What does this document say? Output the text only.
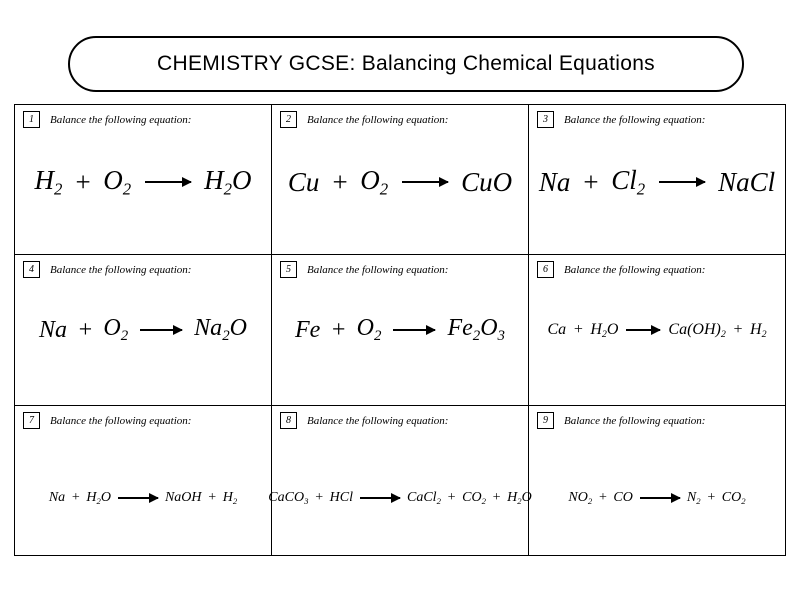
CHEMISTRY GCSE: Balancing Chemical Equations
1	Balance the following equation:
$H_2 + O_2 \to H_2O$
2	Balance the following equation:
$Cu + O_2$ → CuO
3	Balance the following equation:
$Na + Cl_2$ → NaCl
4	Balance the following equation:
$Na + O_2 \to Na_2O$
5	Balance the following equation:
$Fe + O_2 \to Fe_2O_3$
6	Balance the following equation:
$Ca + H_2O \to Ca(OH)_2 + H_2$
7	Balance the following equation:
$Na + H_2O$ → NaOH + $H_2$
8	Balance the following equation:
CaCO$_3$ + HCl → CaCl$_2$ + $CO_2 + H_2O$
9	Balance the following equation:
$NO_2$ + CO → $N_2 + CO_2$
